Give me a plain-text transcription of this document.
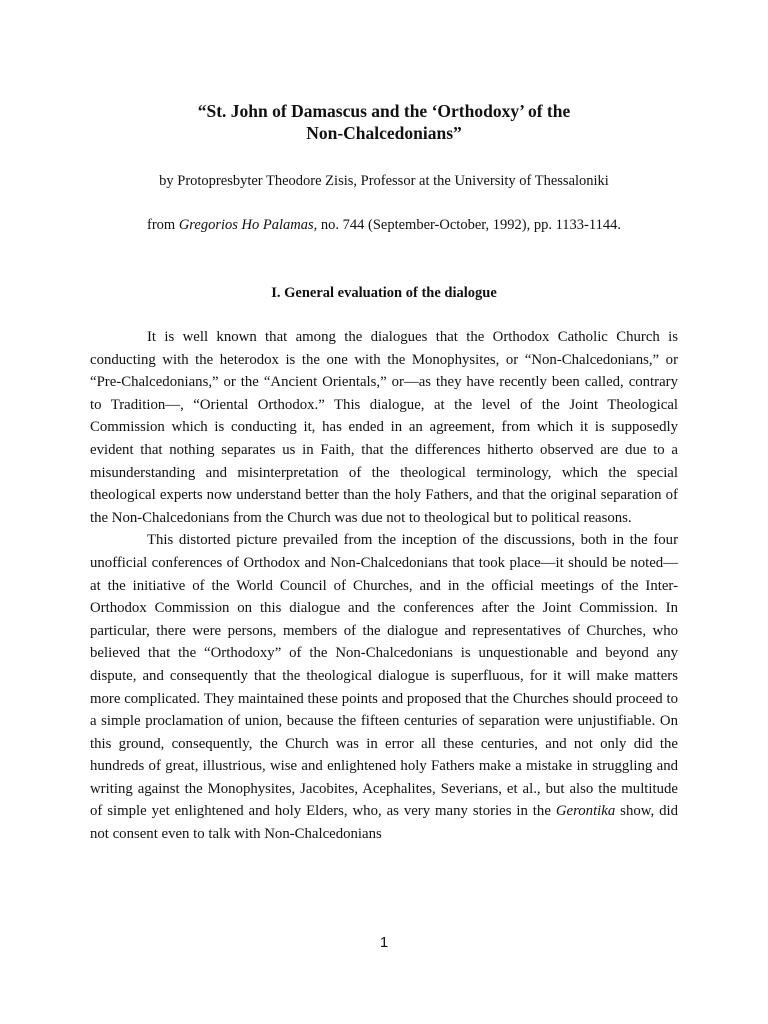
“St. John of Damascus and the ‘Orthodoxy’ of the
Non-Chalcedonians”
by Protopresbyter Theodore Zisis, Professor at the University of Thessaloniki
from Gregorios Ho Palamas, no. 744 (September-October, 1992), pp. 1133-1144.
I. General evaluation of the dialogue

It is well known that among the dialogues that the Orthodox Catholic Church is conducting with the heterodox is the one with the Monophysites, or “Non-Chalcedonians,” or “Pre-Chalcedonians,” or the “Ancient Orientals,” or—as they have recently been called, contrary to Tradition—, “Oriental Orthodox.” This dialogue, at the level of the Joint Theological Commission which is conducting it, has ended in an agreement, from which it is supposedly evident that nothing separates us in Faith, that the differences hitherto observed are due to a misunderstanding and misinterpretation of the theological terminology, which the special theological experts now understand better than the holy Fathers, and that the original separation of the Non-Chalcedonians from the Church was due not to theological but to political reasons.

This distorted picture prevailed from the inception of the discussions, both in the four unofficial conferences of Orthodox and Non-Chalcedonians that took place—it should be noted—at the initiative of the World Council of Churches, and in the official meetings of the Inter-Orthodox Commission on this dialogue and the conferences after the Joint Commission. In particular, there were persons, members of the dialogue and representatives of Churches, who believed that the “Orthodoxy” of the Non-Chalcedonians is unquestionable and beyond any dispute, and consequently that the theological dialogue is superfluous, for it will make matters more complicated. They maintained these points and proposed that the Churches should proceed to a simple proclamation of union, because the fifteen centuries of separation were unjustifiable. On this ground, consequently, the Church was in error all these centuries, and not only did the hundreds of great, illustrious, wise and enlightened holy Fathers make a mistake in struggling and writing against the Monophysites, Jacobites, Acephalites, Severians, et al., but also the multitude of simple yet enlightened and holy Elders, who, as very many stories in the Gerontika show, did not consent even to talk with Non-Chalcedonians

1
